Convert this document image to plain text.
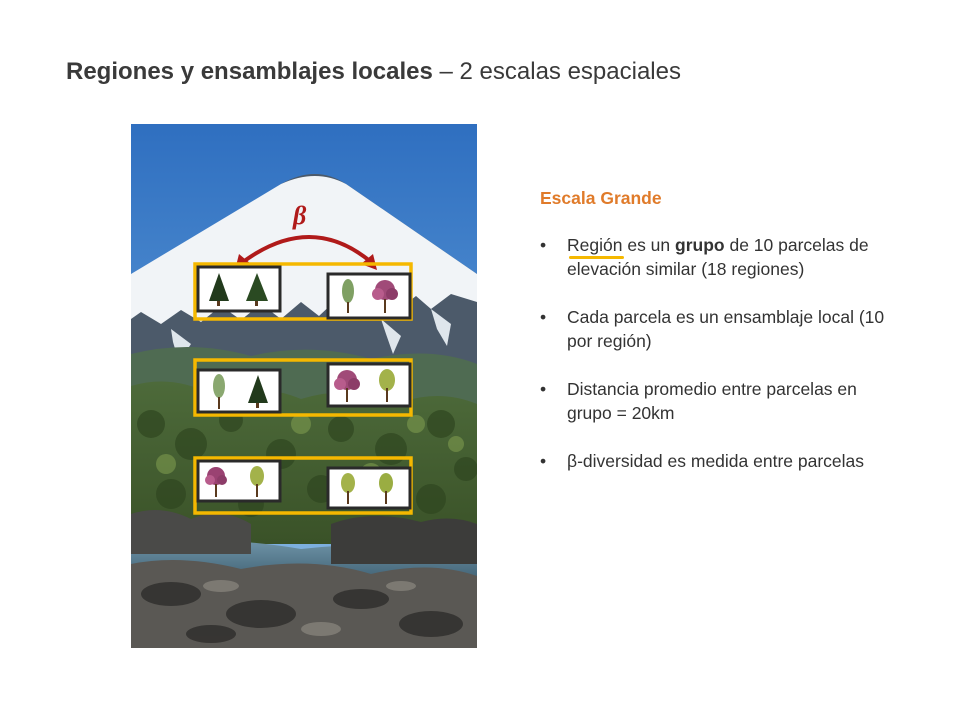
Regiones y ensamblajes locales – 2 escalas espaciales
β
Escala Grande
• Región es un grupo de 10 parcelas de elevación similar (18 regiones)
• Cada parcela es un ensamblaje local (10 por región)
• Distancia promedio entre parcelas en grupo = 20km
• β-diversidad es medida entre parcelas
